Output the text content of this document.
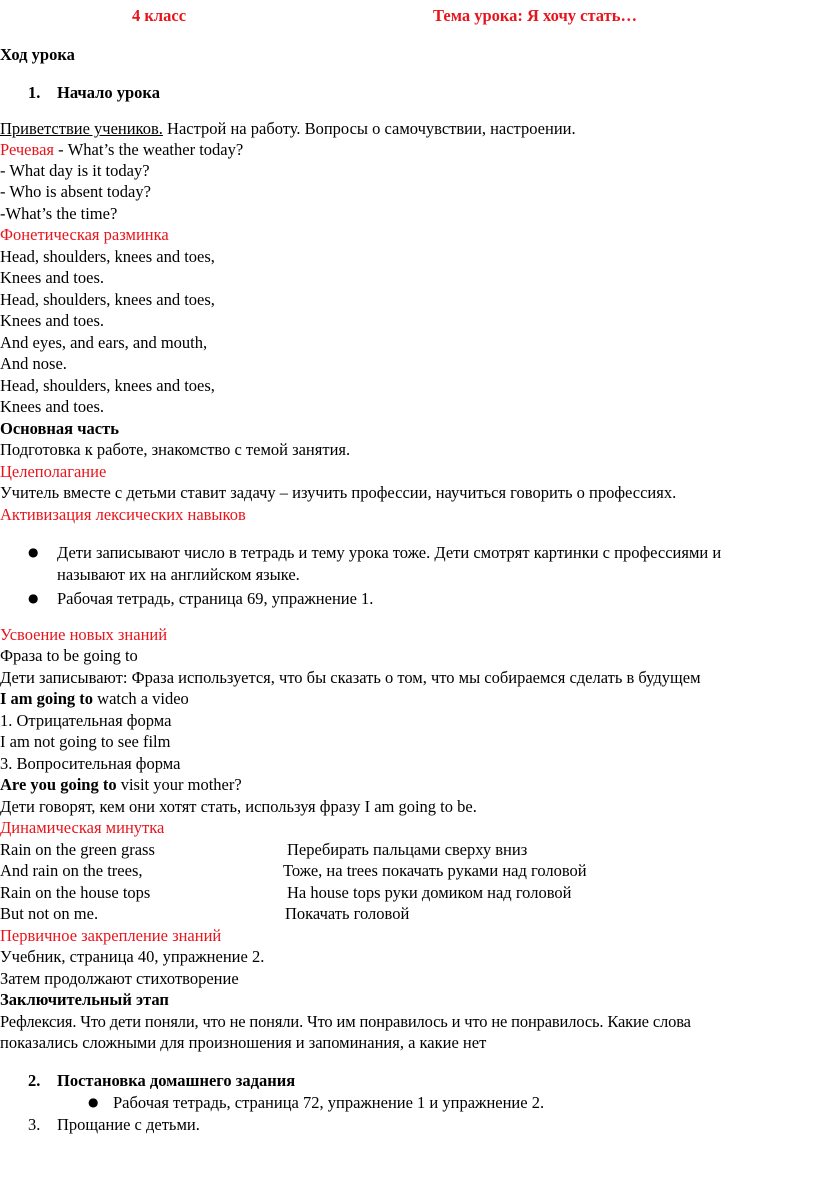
4 класс	Тема урока: Я хочу стать…
Ход урока
1. Начало урока
Приветствие учеников. Настрой на работу. Вопросы о самочувствии, настроении.
Речевая - What’s the weather today?
- What day is it today?
- Who is absent today?
-What’s the time?
Фонетическая разминка
Head, shoulders, knees and toes,
Knees and toes.
Head, shoulders, knees and toes,
Knees and toes.
And eyes, and ears, and mouth,
And nose.
Head, shoulders, knees and toes,
Knees and toes.
Основная часть
Подготовка к работе, знакомство с темой занятия.
Целеполагание
Учитель вместе с детьми ставит задачу – изучить профессии, научиться говорить о профессиях.
Активизация лексических навыков
● Дети записывают число в тетрадь и тему урока тоже. Дети смотрят картинки с профессиями и
называют их на английском языке.
● Рабочая тетрадь, страница 69, упражнение 1.
Усвоение новых знаний
Фраза to be going to
Дети записывают: Фраза используется, что бы сказать о том, что мы собираемся сделать в будущем
I am going to watch a video
1. Отрицательная форма
I am not going to see film
3. Вопросительная форма
Are you going to visit your mother?
Дети говорят, кем они хотят стать, используя фразу I am going to be.
Динамическая минутка
Rain on the green grass	Перебирать пальцами сверху вниз
And rain on the trees,	Тоже, на trees покачать руками над головой
Rain on the house tops	На house tops руки домиком над головой
But not on me.	Покачать головой
Первичное закрепление знаний
Учебник, страница 40, упражнение 2.
Затем продолжают стихотворение
Заключительный этап
Рефлексия. Что дети поняли, что не поняли. Что им понравилось и что не понравилось. Какие слова
показались сложными для произношения и запоминания, а какие нет
2. Постановка домашнего задания
● Рабочая тетрадь, страница 72, упражнение 1 и упражнение 2.
3. Прощание с детьми.
